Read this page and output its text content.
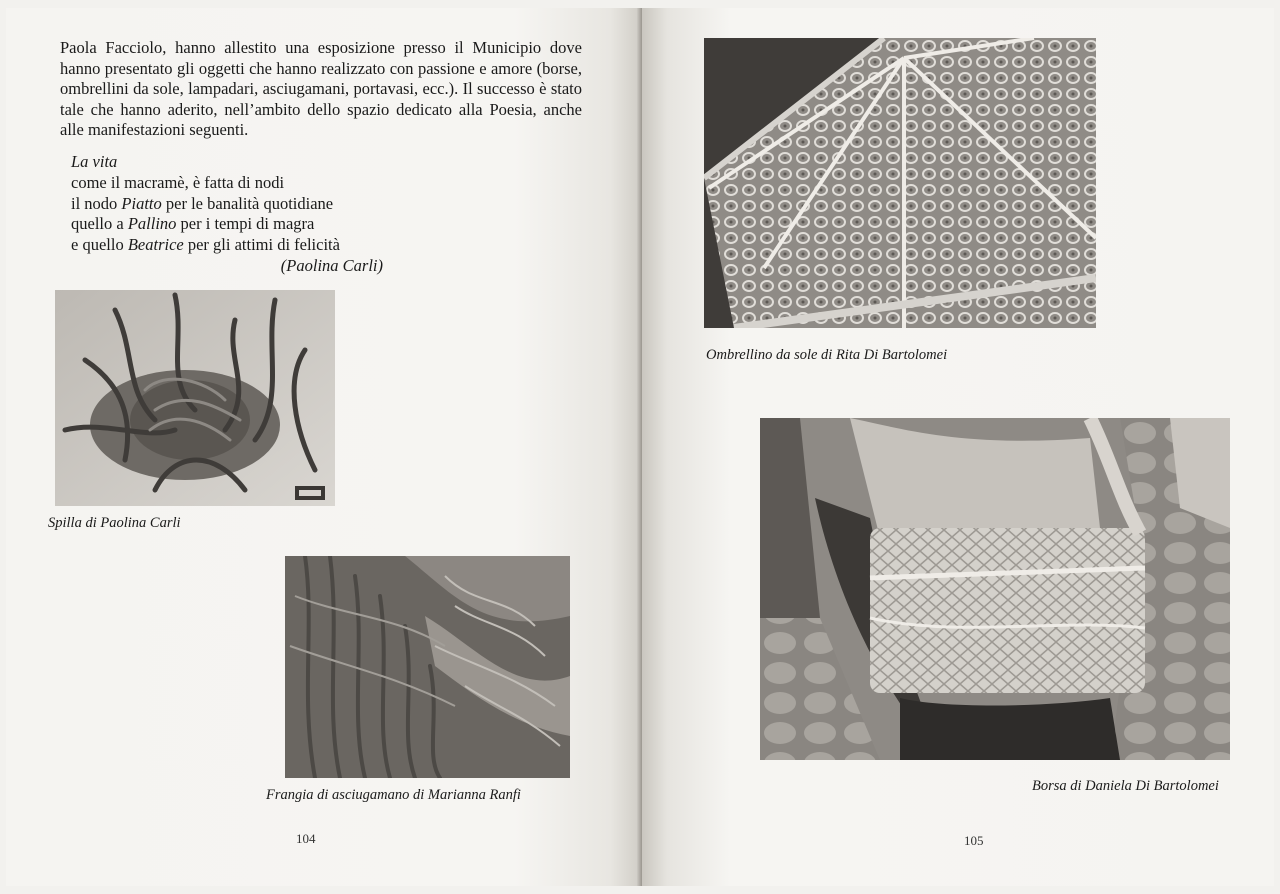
Paola Facciolo, hanno allestito una esposizione presso il Municipio dove hanno presentato gli oggetti che hanno realizzato con passione e amore (borse, ombrellini da sole, lampadari, asciugamani, portavasi, ecc.). Il successo è stato tale che hanno aderito, nell’ambito dello spazio dedicato alla Poesia, anche alle manifestazioni seguenti.

La vita
come il macramè, è fatta di nodi
il nodo Piatto per le banalità quotidiane
quello a Pallino per i tempi di magra
e quello Beatrice per gli attimi di felicità
(Paolina Carli)
Spilla di Paolina Carli
Frangia di asciugamano di Marianna Ranfi
104
Ombrellino da sole di Rita Di Bartolomei
Borsa di Daniela Di Bartolomei
105
